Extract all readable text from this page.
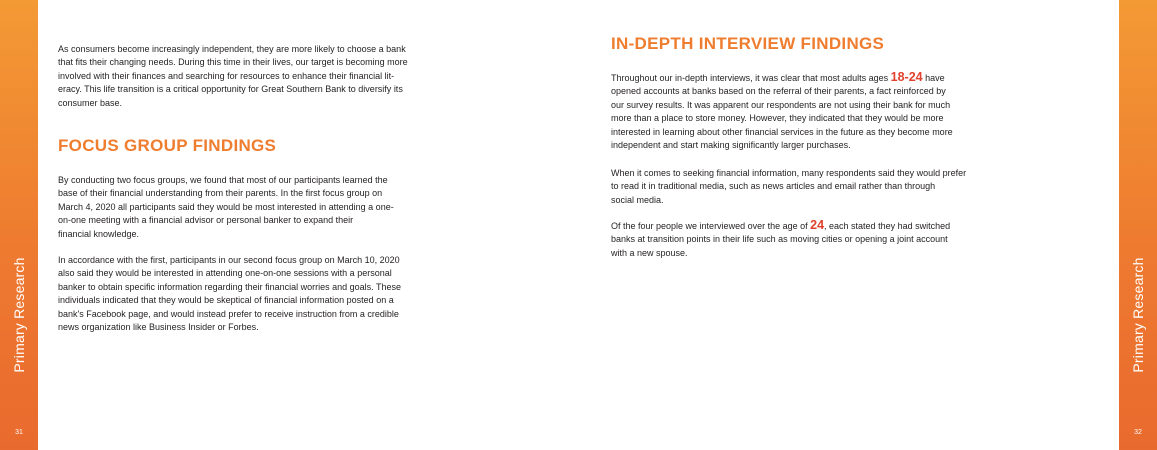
Primary Research
31
Primary Research
32

As consumers become increasingly independent, they are more likely to choose a bank
that fits their changing needs. During this time in their lives, our target is becoming more
involved with their finances and searching for resources to enhance their financial lit-
eracy. This life transition is a critical opportunity for Great Southern Bank to diversify its
consumer base.

FOCUS GROUP FINDINGS

By conducting two focus groups, we found that most of our participants learned the
base of their financial understanding from their parents. In the first focus group on
March 4, 2020 all participants said they would be most interested in attending a one-
on-one meeting with a financial advisor or personal banker to expand their
financial knowledge.

In accordance with the first, participants in our second focus group on March 10, 2020
also said they would be interested in attending one-on-one sessions with a personal
banker to obtain specific information regarding their financial worries and goals. These
individuals indicated that they would be skeptical of financial information posted on a
bank's Facebook page, and would instead prefer to receive instruction from a credible
news organization like Business Insider or Forbes.

IN-DEPTH INTERVIEW FINDINGS

Throughout our in-depth interviews, it was clear that most adults ages 18-24 have
opened accounts at banks based on the referral of their parents, a fact reinforced by
our survey results. It was apparent our respondents are not using their bank for much
more than a place to store money. However, they indicated that they would be more
interested in learning about other financial services in the future as they become more
independent and start making significantly larger purchases.

When it comes to seeking financial information, many respondents said they would prefer
to read it in traditional media, such as news articles and email rather than through
social media.

Of the four people we interviewed over the age of 24, each stated they had switched
banks at transition points in their life such as moving cities or opening a joint account
with a new spouse.
